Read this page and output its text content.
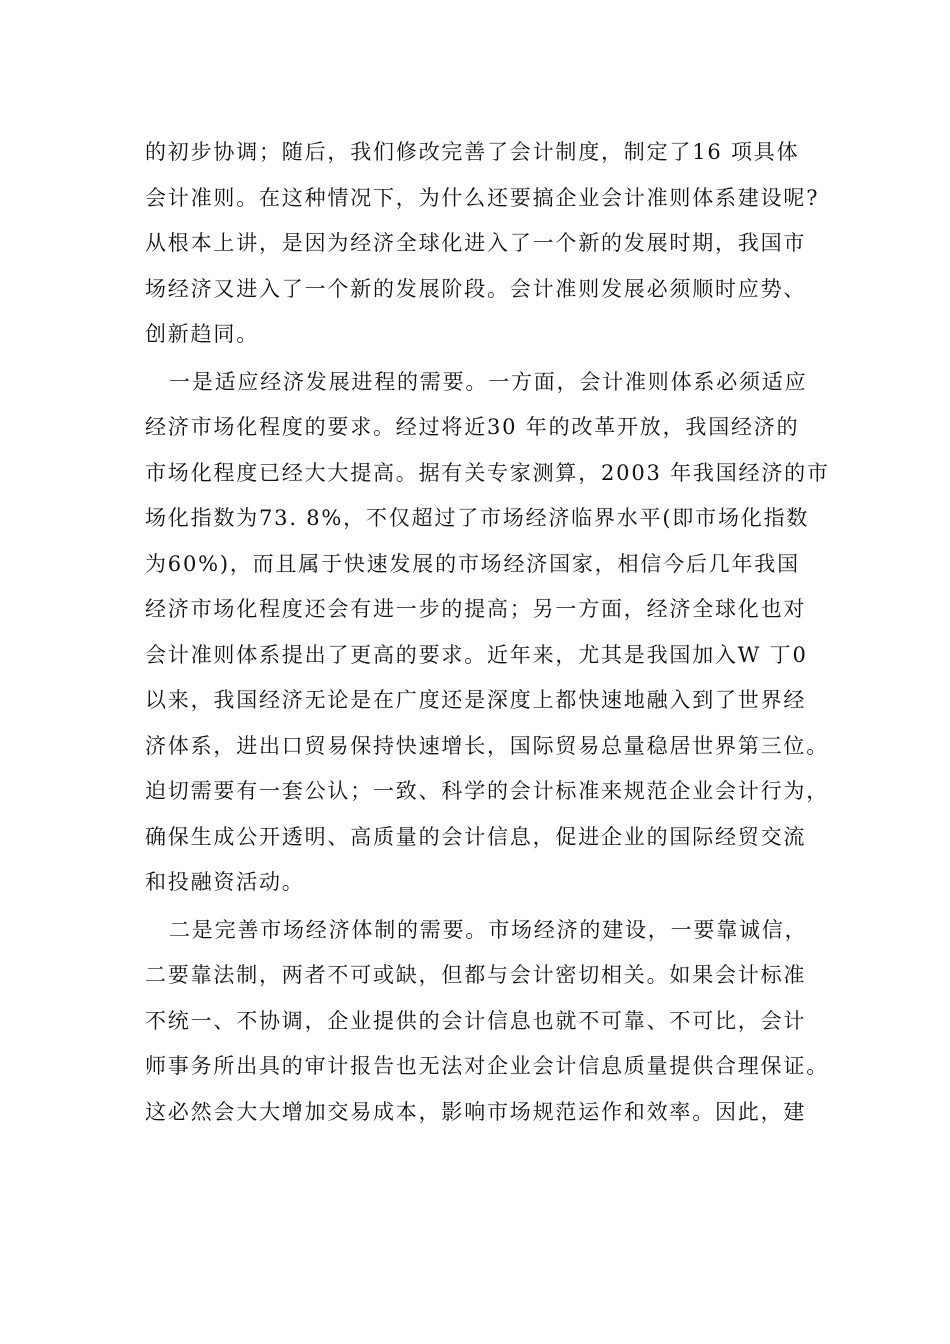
的初步协调；随后，我们修改完善了会计制度，制定了16 项具体
会计准则。在这种情况下，为什么还要搞企业会计准则体系建设呢?
从根本上讲，是因为经济全球化进入了一个新的发展时期，我国市
场经济又进入了一个新的发展阶段。会计准则发展必须顺时应势、
创新趋同。
一是适应经济发展进程的需要。一方面，会计准则体系必须适应
经济市场化程度的要求。经过将近30 年的改革开放，我国经济的
市场化程度已经大大提高。据有关专家测算，2003 年我国经济的市
场化指数为73. 8%，不仅超过了市场经济临界水平(即市场化指数
为60%)，而且属于快速发展的市场经济国家，相信今后几年我国
经济市场化程度还会有进一步的提高；另一方面，经济全球化也对
会计准则体系提出了更高的要求。近年来，尤其是我国加入W 丁0
以来，我国经济无论是在广度还是深度上都快速地融入到了世界经
济体系，进出口贸易保持快速增长，国际贸易总量稳居世界第三位。
迫切需要有一套公认；一致、科学的会计标准来规范企业会计行为，
确保生成公开透明、高质量的会计信息，促进企业的国际经贸交流
和投融资活动。
二是完善市场经济体制的需要。市场经济的建设，一要靠诚信，
二要靠法制，两者不可或缺，但都与会计密切相关。如果会计标准
不统一、不协调，企业提供的会计信息也就不可靠、不可比，会计
师事务所出具的审计报告也无法对企业会计信息质量提供合理保证。
这必然会大大增加交易成本，影响市场规范运作和效率。因此，建
